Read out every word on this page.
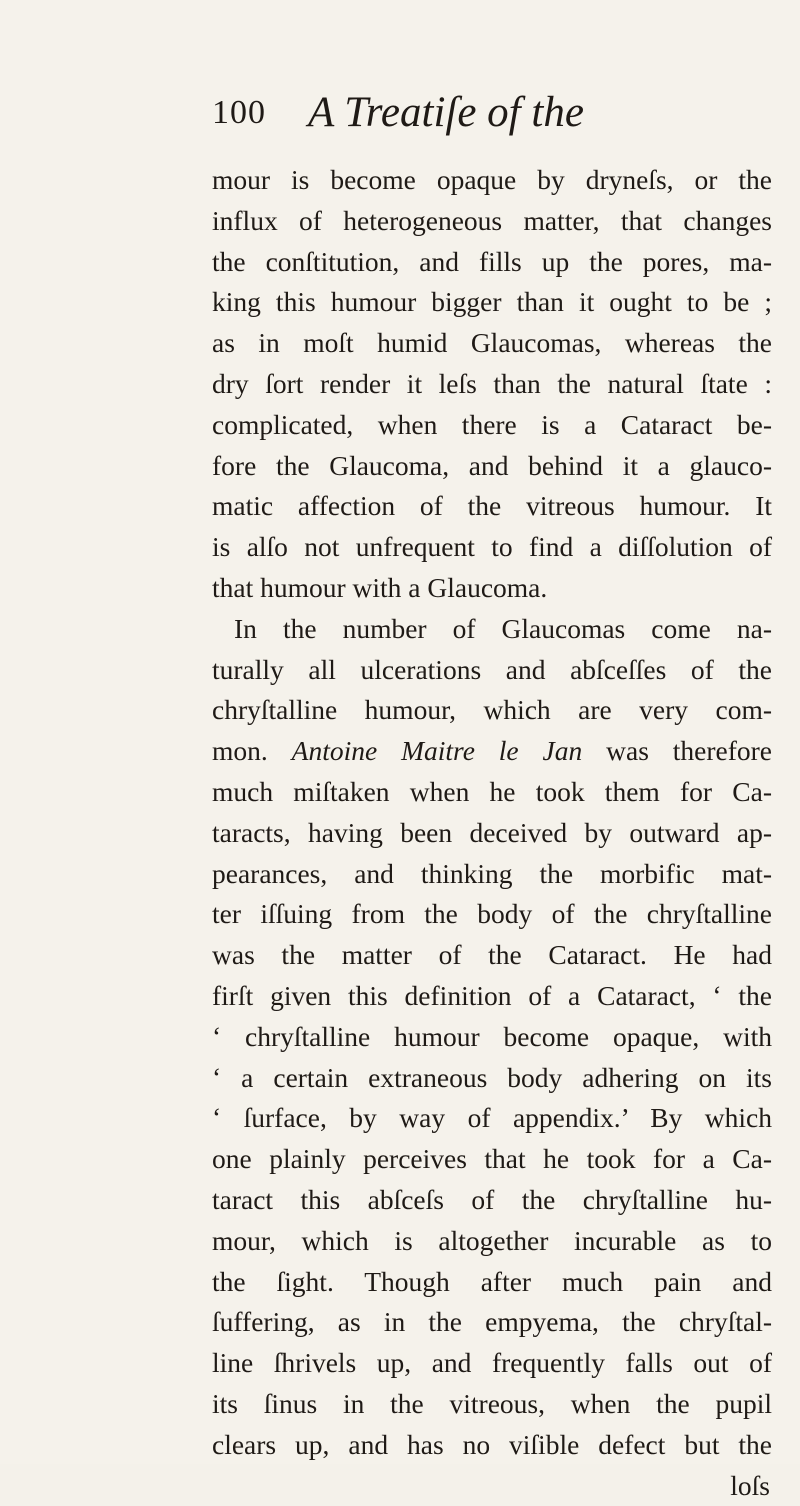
100 A Treatiſe of the
mour is become opaque by dryneſs, or the
influx of heterogeneous matter, that changes
the conſtitution, and fills up the pores, ma-
king this humour bigger than it ought to be ;
as in moſt humid Glaucomas, whereas the
dry ſort render it leſs than the natural ſtate :
complicated, when there is a Cataract be-
fore the Glaucoma, and behind it a glauco-
matic affection of the vitreous humour. It
is alſo not unfrequent to find a diſſolution of
that humour with a Glaucoma.
In the number of Glaucomas come na-
turally all ulcerations and abſceſſes of the
chryſtalline humour, which are very com-
mon. Antoine Maitre le Jan was therefore
much miſtaken when he took them for Ca-
taracts, having been deceived by outward ap-
pearances, and thinking the morbific mat-
ter iſſuing from the body of the chryſtalline
was the matter of the Cataract. He had
firſt given this definition of a Cataract, ‘ the
‘ chryſtalline humour become opaque, with
‘ a certain extraneous body adhering on its
‘ ſurface, by way of appendix.’ By which
one plainly perceives that he took for a Ca-
taract this abſceſs of the chryſtalline hu-
mour, which is altogether incurable as to
the ſight. Though after much pain and
ſuffering, as in the empyema, the chryſtal-
line ſhrivels up, and frequently falls out of
its ſinus in the vitreous, when the pupil
clears up, and has no viſible defect but the
loſs
